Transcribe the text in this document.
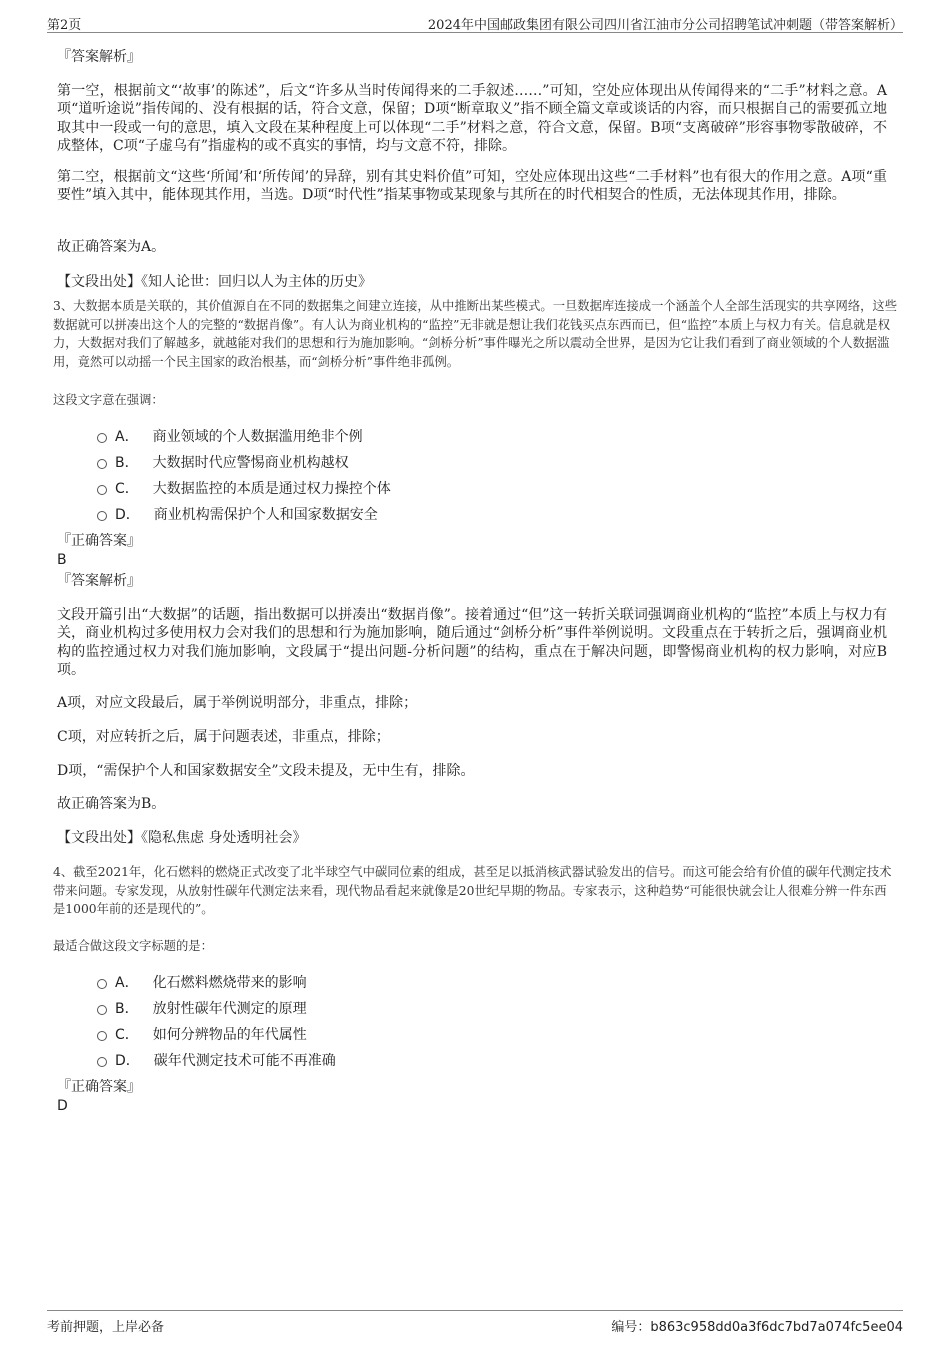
第2页	2024年中国邮政集团有限公司四川省江油市分公司招聘笔试冲刺题（带答案解析）
『答案解析』
第一空，根据前文“‘故事’的陈述”，后文“许多从当时传闻得来的二手叙述……”可知，空处应体现出从传闻得来的“二手”材料之意。A项“道听途说”指传闻的、没有根据的话，符合文意，保留；D项“断章取义”指不顾全篇文章或谈话的内容，而只根据自己的需要孤立地取其中一段或一句的意思，填入文段在某种程度上可以体现“二手”材料之意，符合文意，保留。B项“支离破碎”形容事物零散破碎，不成整体，C项“子虚乌有”指虚构的或不真实的事情，均与文意不符，排除。
第二空，根据前文“这些‘所闻’和‘所传闻’的异辞，别有其史料价值”可知，空处应体现出这些“二手材料”也有很大的作用之意。A项“重要性”填入其中，能体现其作用，当选。D项“时代性”指某事物或某现象与其所在的时代相契合的性质，无法体现其作用，排除。
故正确答案为A。
【文段出处】《知人论世：回归以人为主体的历史》
3、大数据本质是关联的，其价值源自在不同的数据集之间建立连接，从中推断出某些模式。一旦数据库连接成一个涵盖个人全部生活现实的共享网络，这些数据就可以拼凑出这个人的完整的“数据肖像”。有人认为商业机构的“监控”无非就是想让我们花钱买点东西而已，但“监控”本质上与权力有关。信息就是权力，大数据对我们了解越多，就越能对我们的思想和行为施加影响。“剑桥分析”事件曝光之所以震动全世界，是因为它让我们看到了商业领域的个人数据滥用，竟然可以动摇一个民主国家的政治根基，而“剑桥分析”事件绝非孤例。
这段文字意在强调：
A． 商业领域的个人数据滥用绝非个例
B． 大数据时代应警惕商业机构越权
C． 大数据监控的本质是通过权力操控个体
D． 商业机构需保护个人和国家数据安全
『正确答案』
B
『答案解析』
文段开篇引出“大数据”的话题，指出数据可以拼凑出“数据肖像”。接着通过“但”这一转折关联词强调商业机构的“监控”本质上与权力有关，商业机构过多使用权力会对我们的思想和行为施加影响，随后通过“剑桥分析”事件举例说明。文段重点在于转折之后，强调商业机构的监控通过权力对我们施加影响，文段属于“提出问题-分析问题”的结构，重点在于解决问题，即警惕商业机构的权力影响，对应B项。
A项，对应文段最后，属于举例说明部分，非重点，排除；
C项，对应转折之后，属于问题表述，非重点，排除；
D项，“需保护个人和国家数据安全”文段未提及，无中生有，排除。
故正确答案为B。
【文段出处】《隐私焦虑 身处透明社会》
4、截至2021年，化石燃料的燃烧正式改变了北半球空气中碳同位素的组成，甚至足以抵消核武器试验发出的信号。而这可能会给有价值的碳年代测定技术带来问题。专家发现，从放射性碳年代测定法来看，现代物品看起来就像是20世纪早期的物品。专家表示，这种趋势“可能很快就会让人很难分辨一件东西是1000年前的还是现代的”。
最适合做这段文字标题的是：
A． 化石燃料燃烧带来的影响
B． 放射性碳年代测定的原理
C． 如何分辨物品的年代属性
D． 碳年代测定技术可能不再准确
『正确答案』
D
考前押题，上岸必备	编号：b863c958dd0a3f6dc7bd7a074fc5ee04
